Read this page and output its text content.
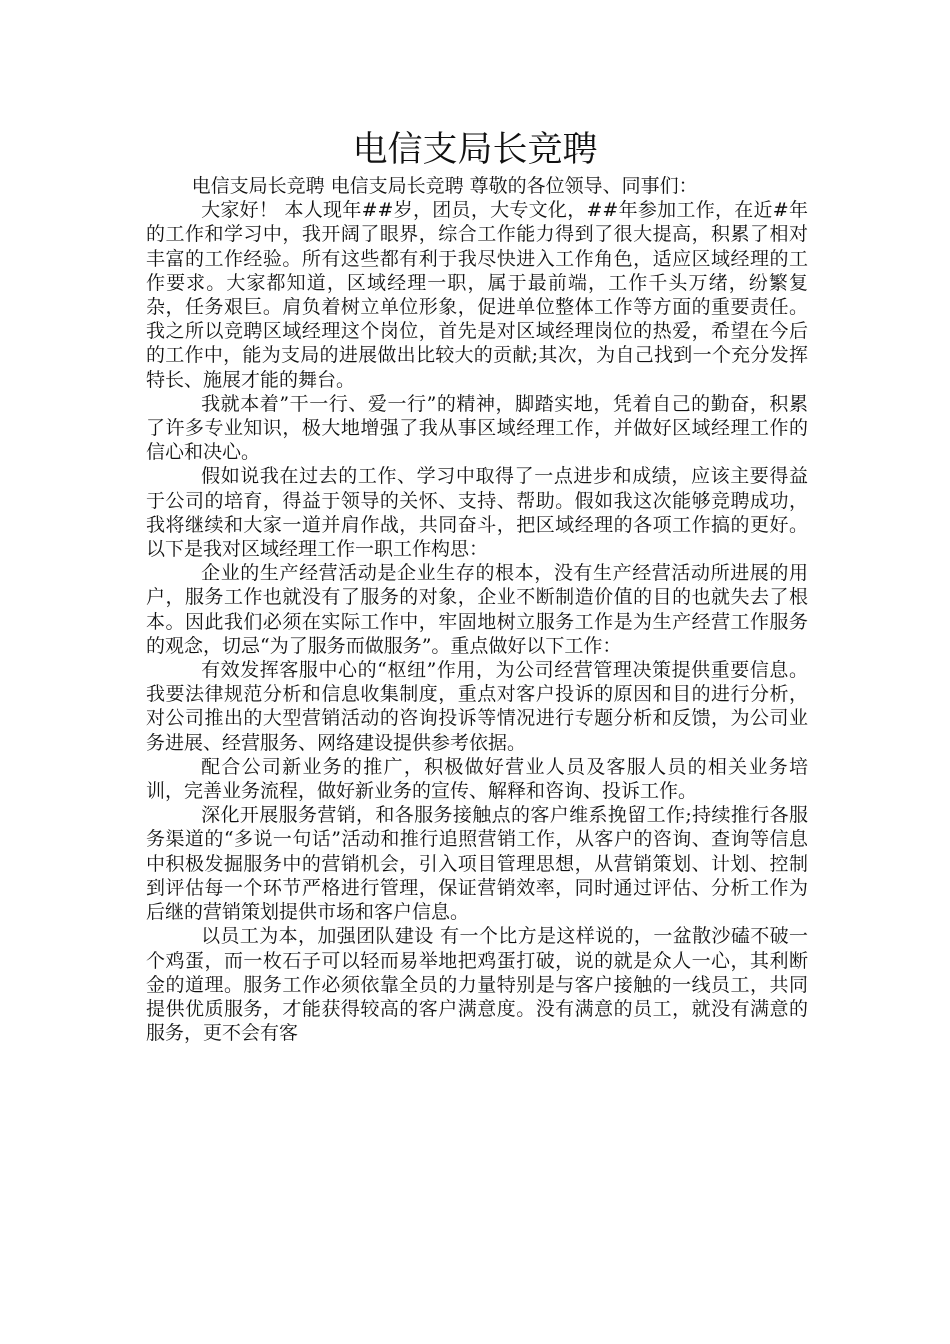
电信支局长竞聘

电信支局长竞聘 电信支局长竞聘 尊敬的各位领导、同事们：

大家好！ 本人现年##岁，团员，大专文化，##年参加工作，在近#年的工作和学习中，我开阔了眼界，综合工作能力得到了很大提高，积累了相对丰富的工作经验。所有这些都有利于我尽快进入工作角色，适应区域经理的工作要求。大家都知道，区域经理一职，属于最前端，工作千头万绪，纷繁复杂，任务艰巨。肩负着树立单位形象，促进单位整体工作等方面的重要责任。我之所以竞聘区域经理这个岗位，首先是对区域经理岗位的热爱，希望在今后的工作中，能为支局的进展做出比较大的贡献;其次，为自己找到一个充分发挥特长、施展才能的舞台。

我就本着”干一行、爱一行”的精神，脚踏实地，凭着自己的勤奋，积累了许多专业知识，极大地增强了我从事区域经理工作，并做好区域经理工作的信心和决心。

假如说我在过去的工作、学习中取得了一点进步和成绩，应该主要得益于公司的培育，得益于领导的关怀、支持、帮助。假如我这次能够竞聘成功，我将继续和大家一道并肩作战，共同奋斗，把区域经理的各项工作搞的更好。以下是我对区域经理工作一职工作构思：

企业的生产经营活动是企业生存的根本，没有生产经营活动所进展的用户，服务工作也就没有了服务的对象，企业不断制造价值的目的也就失去了根本。因此我们必须在实际工作中，牢固地树立服务工作是为生产经营工作服务的观念，切忌“为了服务而做服务”。重点做好以下工作：

有效发挥客服中心的“枢纽”作用，为公司经营管理决策提供重要信息。我要法律规范分析和信息收集制度，重点对客户投诉的原因和目的进行分析，对公司推出的大型营销活动的咨询投诉等情况进行专题分析和反馈，为公司业务进展、经营服务、网络建设提供参考依据。

配合公司新业务的推广，积极做好营业人员及客服人员的相关业务培训，完善业务流程，做好新业务的宣传、解释和咨询、投诉工作。

深化开展服务营销，和各服务接触点的客户维系挽留工作;持续推行各服务渠道的“多说一句话”活动和推行追照营销工作，从客户的咨询、查询等信息中积极发掘服务中的营销机会，引入项目管理思想，从营销策划、计划、控制到评估每一个环节严格进行管理，保证营销效率，同时通过评估、分析工作为后继的营销策划提供市场和客户信息。

以员工为本，加强团队建设 有一个比方是这样说的，一盆散沙磕不破一个鸡蛋，而一枚石子可以轻而易举地把鸡蛋打破，说的就是众人一心，其利断金的道理。服务工作必须依靠全员的力量特别是与客户接触的一线员工，共同提供优质服务，才能获得较高的客户满意度。没有满意的员工，就没有满意的服务，更不会有客
